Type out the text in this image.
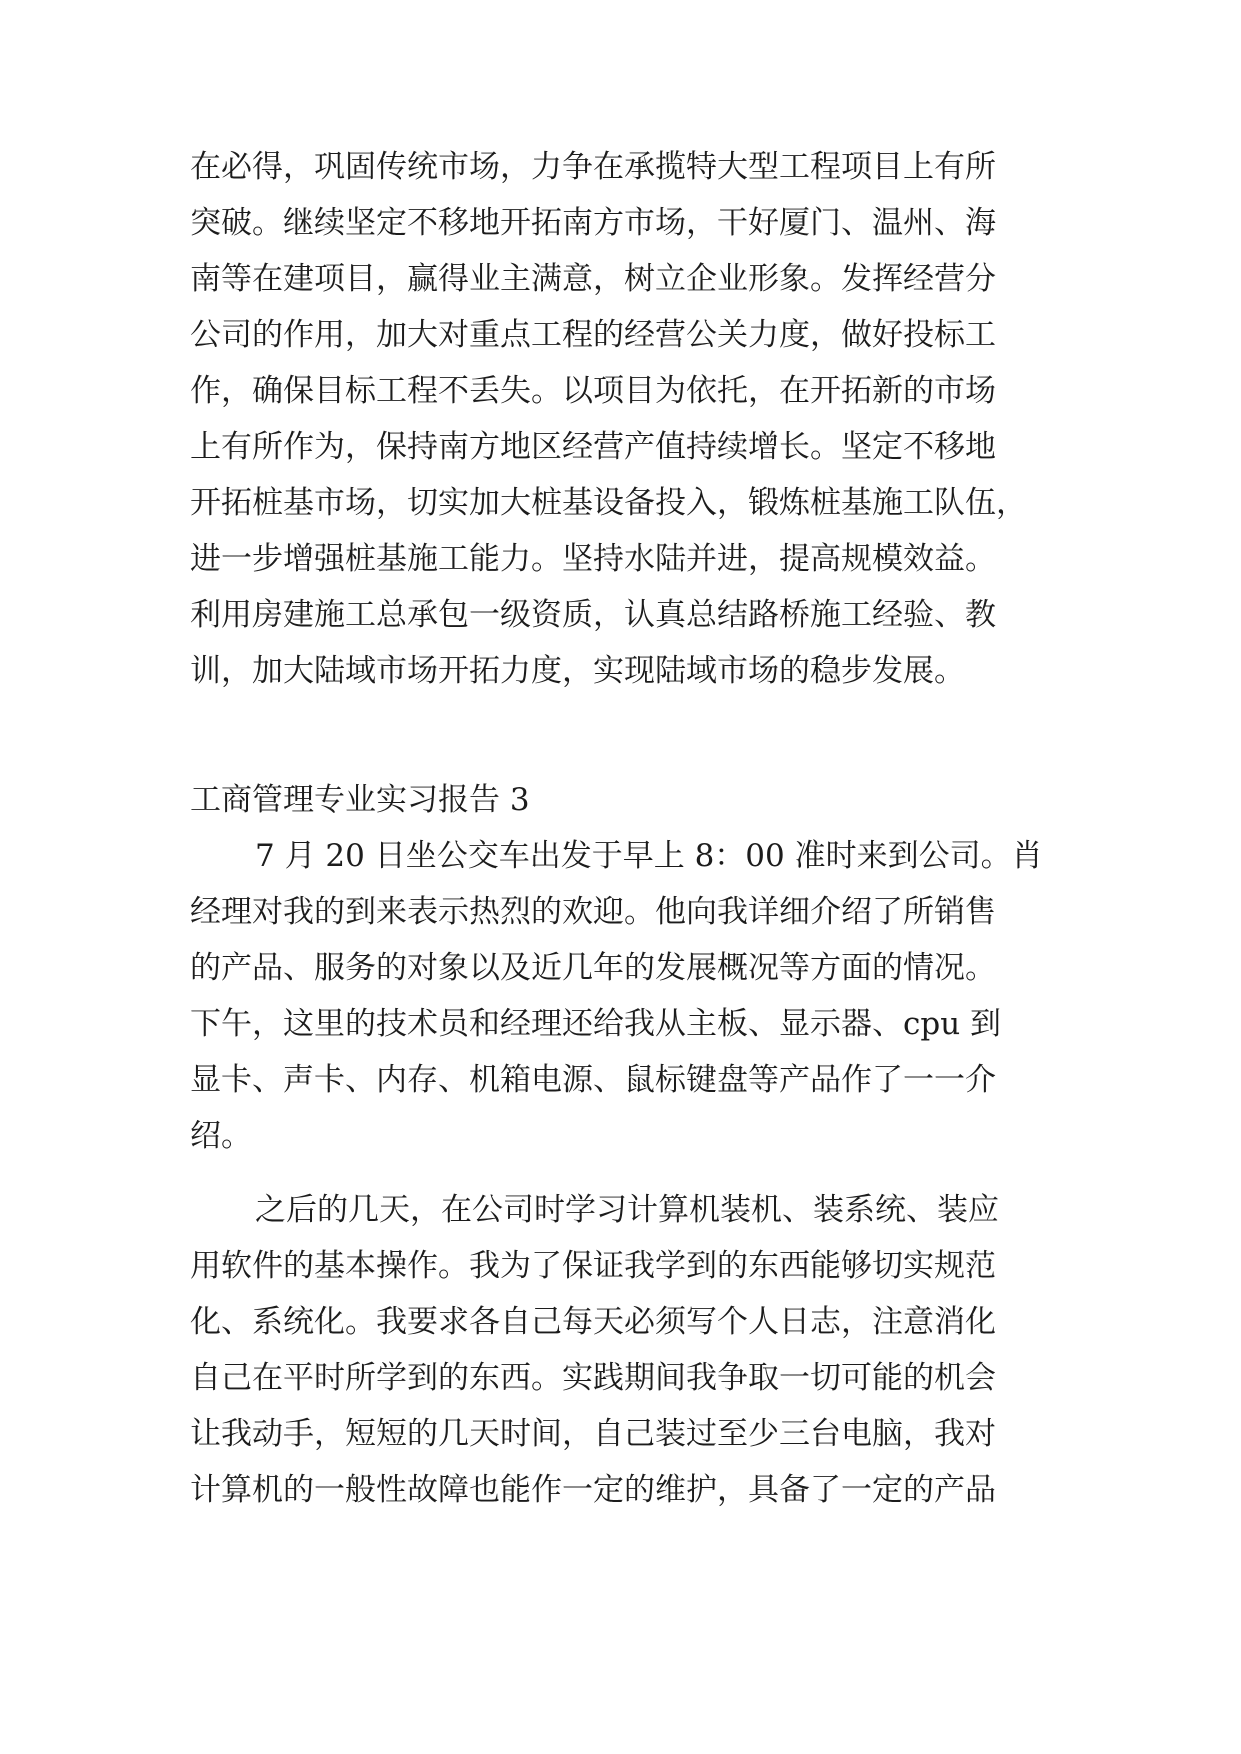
在必得，巩固传统市场，力争在承揽特大型工程项目上有所
突破。继续坚定不移地开拓南方市场，干好厦门、温州、海
南等在建项目，赢得业主满意，树立企业形象。发挥经营分
公司的作用，加大对重点工程的经营公关力度，做好投标工
作，确保目标工程不丢失。以项目为依托，在开拓新的市场
上有所作为，保持南方地区经营产值持续增长。坚定不移地
开拓桩基市场，切实加大桩基设备投入，锻炼桩基施工队伍，
进一步增强桩基施工能力。坚持水陆并进，提高规模效益。
利用房建施工总承包一级资质，认真总结路桥施工经验、教
训，加大陆域市场开拓力度，实现陆域市场的稳步发展。
工商管理专业实习报告 3
7 月 20 日坐公交车出发于早上 8：00 准时来到公司。肖
经理对我的到来表示热烈的欢迎。他向我详细介绍了所销售
的产品、服务的对象以及近几年的发展概况等方面的情况。
下午，这里的技术员和经理还给我从主板、显示器、cpu 到
显卡、声卡、内存、机箱电源、鼠标键盘等产品作了一一介
绍。
之后的几天，在公司时学习计算机装机、装系统、装应
用软件的基本操作。我为了保证我学到的东西能够切实规范
化、系统化。我要求各自己每天必须写个人日志，注意消化
自己在平时所学到的东西。实践期间我争取一切可能的机会
让我动手，短短的几天时间，自己装过至少三台电脑，我对
计算机的一般性故障也能作一定的维护，具备了一定的产品
